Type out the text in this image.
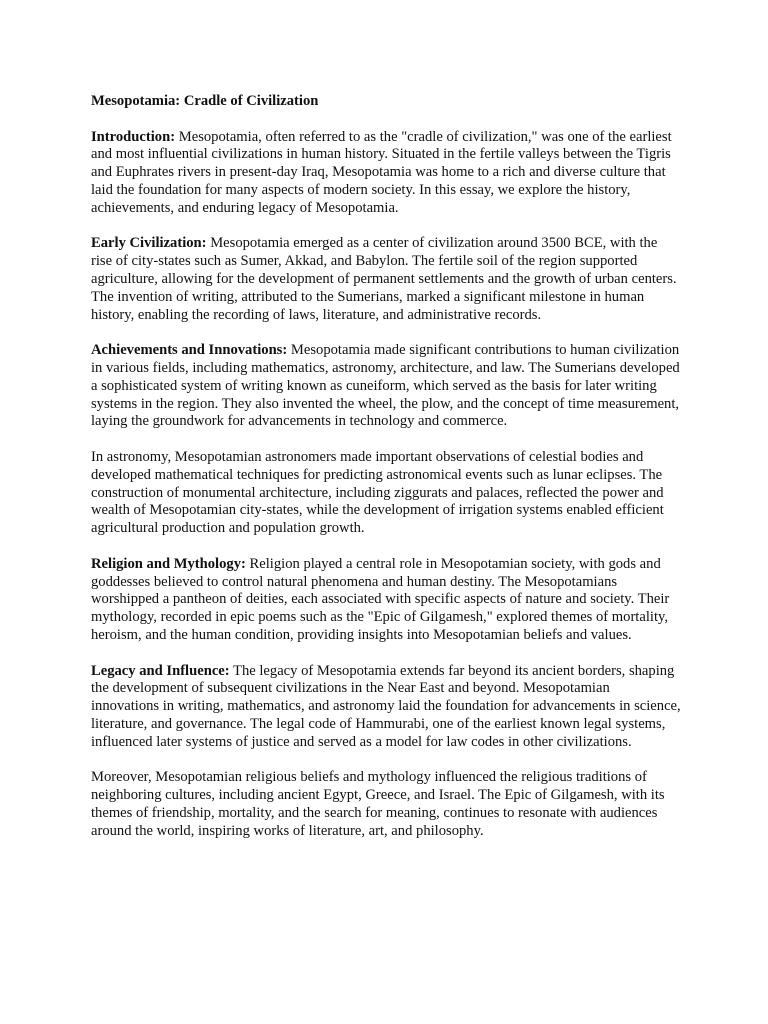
Mesopotamia: Cradle of Civilization

Introduction: Mesopotamia, often referred to as the "cradle of civilization," was one of the earliest and most influential civilizations in human history. Situated in the fertile valleys between the Tigris and Euphrates rivers in present-day Iraq, Mesopotamia was home to a rich and diverse culture that laid the foundation for many aspects of modern society. In this essay, we explore the history, achievements, and enduring legacy of Mesopotamia.

Early Civilization: Mesopotamia emerged as a center of civilization around 3500 BCE, with the rise of city-states such as Sumer, Akkad, and Babylon. The fertile soil of the region supported agriculture, allowing for the development of permanent settlements and the growth of urban centers. The invention of writing, attributed to the Sumerians, marked a significant milestone in human history, enabling the recording of laws, literature, and administrative records.

Achievements and Innovations: Mesopotamia made significant contributions to human civilization in various fields, including mathematics, astronomy, architecture, and law. The Sumerians developed a sophisticated system of writing known as cuneiform, which served as the basis for later writing systems in the region. They also invented the wheel, the plow, and the concept of time measurement, laying the groundwork for advancements in technology and commerce.

In astronomy, Mesopotamian astronomers made important observations of celestial bodies and developed mathematical techniques for predicting astronomical events such as lunar eclipses. The construction of monumental architecture, including ziggurats and palaces, reflected the power and wealth of Mesopotamian city-states, while the development of irrigation systems enabled efficient agricultural production and population growth.

Religion and Mythology: Religion played a central role in Mesopotamian society, with gods and goddesses believed to control natural phenomena and human destiny. The Mesopotamians worshipped a pantheon of deities, each associated with specific aspects of nature and society. Their mythology, recorded in epic poems such as the "Epic of Gilgamesh," explored themes of mortality, heroism, and the human condition, providing insights into Mesopotamian beliefs and values.

Legacy and Influence: The legacy of Mesopotamia extends far beyond its ancient borders, shaping the development of subsequent civilizations in the Near East and beyond. Mesopotamian innovations in writing, mathematics, and astronomy laid the foundation for advancements in science, literature, and governance. The legal code of Hammurabi, one of the earliest known legal systems, influenced later systems of justice and served as a model for law codes in other civilizations.

Moreover, Mesopotamian religious beliefs and mythology influenced the religious traditions of neighboring cultures, including ancient Egypt, Greece, and Israel. The Epic of Gilgamesh, with its themes of friendship, mortality, and the search for meaning, continues to resonate with audiences around the world, inspiring works of literature, art, and philosophy.
